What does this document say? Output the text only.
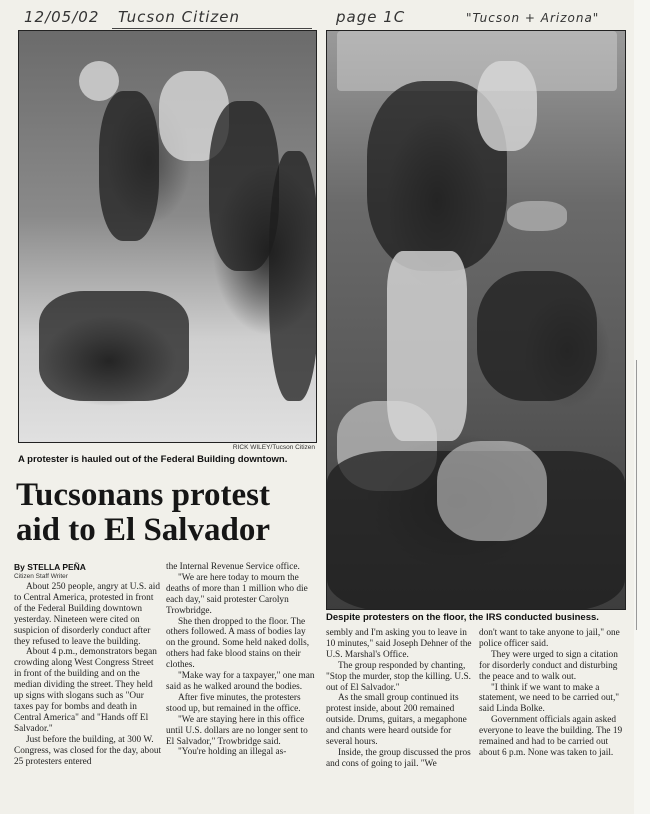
12/05/02 Tucson Citizen	page 1C	"Tucson + Arizona"
RICK WILEY/Tucson Citizen
A protester is hauled out of the Federal Building downtown.
Despite protesters on the floor, the IRS conducted business.
Tucsonans protest
aid to El Salvador
By STELLA PEÑA
Citizen Staff Writer

About 250 people, angry at U.S. aid to Central America, protested in front of the Federal Building downtown yesterday. Nineteen were cited on suspicion of disorderly conduct after they refused to leave the building.

About 4 p.m., demonstrators began crowding along West Congress Street in front of the building and on the median dividing the street. They held up signs with slogans such as "Our taxes pay for bombs and death in Central America" and "Hands off El Salvador."

Just before the building, at 300 W. Congress, was closed for the day, about 25 protesters entered

the Internal Revenue Service office.

"We are here today to mourn the deaths of more than 1 million who die each day," said protester Carolyn Trowbridge.

She then dropped to the floor. The others followed. A mass of bodies lay on the ground. Some held naked dolls, others had fake blood stains on their clothes.

"Make way for a taxpayer," one man said as he walked around the bodies.

After five minutes, the protesters stood up, but remained in the office.

"We are staying here in this office until U.S. dollars are no longer sent to El Salvador," Trowbridge said.

"You're holding an illegal as-

sembly and I'm asking you to leave in 10 minutes," said Joseph Dehner of the U.S. Marshal's Office.

The group responded by chanting, "Stop the murder, stop the killing. U.S. out of El Salvador."

As the small group continued its protest inside, about 200 remained outside. Drums, guitars, a megaphone and chants were heard outside for several hours.

Inside, the group discussed the pros and cons of going to jail. "We

don't want to take anyone to jail," one police officer said.

They were urged to sign a citation for disorderly conduct and disturbing the peace and to walk out.

"I think if we want to make a statement, we need to be carried out," said Linda Bolke.

Government officials again asked everyone to leave the building. The 19 remained and had to be carried out about 6 p.m. None was taken to jail.
